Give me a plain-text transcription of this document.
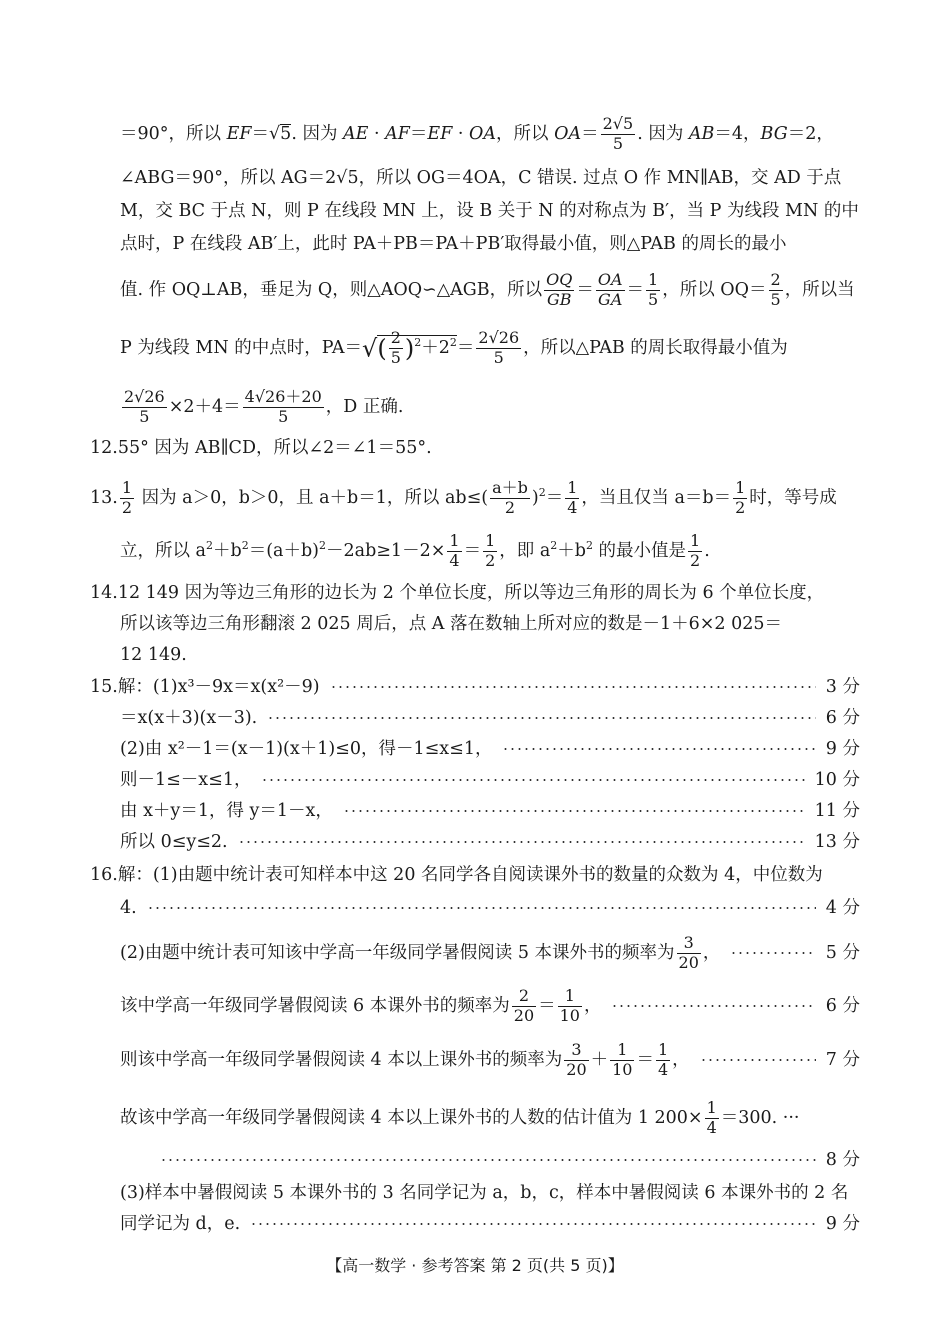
＝90°，所以 EF＝√5. 因为 AE · AF＝EF · OA，所以 $OA= \frac{2√5}{5}$ . 因为 AB＝4，BG＝2，
∠ABG＝90°，所以 AG＝2√5，所以 OG＝4OA，C 错误. 过点 O 作 MN∥AB，交 AD 于点
M，交 BC 于点 N，则 P 在线段 MN 上，设 B 关于 N 的对称点为 B′，当 P 为线段 MN 的中
点时，P 在线段 AB′上，此时 PA＋PB＝PA＋PB′取得最小值，则△PAB 的周长的最小
值. 作 OQ⊥AB，垂足为 Q，则△AOQ∽△AGB，所以 $\frac{OQ}{GB} = \frac{OA}{GA} = \frac{1}{5}$ ，所以 $OQ= \frac{2}{5}$ ，所以当
P 为线段 MN 的中点时，$PA=√( \frac{2}{5} )^2+2^2= \frac{2√26}{5}$ ，所以△PAB 的周长取得最小值为
$\frac{2√26}{5} \times 2+4= \frac{4√26+20}{5}$ ，D 正确.
12.55° 因为 AB∥CD，所以∠2＝∠1＝55°.
13. $\frac{1}{2}$ 因为 a＞0，b＞0，且 a＋b＝1，所以 $ab\le( \frac{a+b}{2} )^2= \frac{1}{4}$ ，当且仅当 $a=b= \frac{1}{2}$ 时，等号成
立，所以 $a^2+b^2=(a+b)^2-2ab\ge 1-2\times \frac{1}{4} = \frac{1}{2}$ ，即 $a^2+b^2$ 的最小值是 $\frac{1}{2}$ .
14.12 149 因为等边三角形的边长为 2 个单位长度，所以等边三角形的周长为 6 个单位长度，
所以该等边三角形翻滚 2 025 周后，点 A 落在数轴上所对应的数是－1＋6×2 025＝
12 149.
15.解：(1)x³－9x＝x(x²－9)	3 分
＝x(x＋3)(x－3).	6 分
(2)由 x²－1＝(x－1)(x＋1)≤0，得－1≤x≤1，	9 分
则－1≤－x≤1，	10 分
由 x＋y＝1，得 y＝1－x，	11 分
所以 0≤y≤2.	13 分
16.解：(1)由题中统计表可知样本中这 20 名同学各自阅读课外书的数量的众数为 4，中位数为
4.	4 分
(2)由题中统计表可知该中学高一年级同学暑假阅读 5 本课外书的频率为 $\frac{3}{20}$ ，	5 分
该中学高一年级同学暑假阅读 6 本课外书的频率为 $\frac{2}{20} = \frac{1}{10}$ ，	6 分
则该中学高一年级同学暑假阅读 4 本以上课外书的频率为 $\frac{3}{20} + \frac{1}{10} = \frac{1}{4}$ ，	7 分
故该中学高一年级同学暑假阅读 4 本以上课外书的人数的估计值为 1 $200\times \frac{1}{4} =300$. ···
8 分
(3)样本中暑假阅读 5 本课外书的 3 名同学记为 a，b，c，样本中暑假阅读 6 本课外书的 2 名
同学记为 d，e.	9 分
【高一数学 · 参考答案 第 2 页(共 5 页)】
